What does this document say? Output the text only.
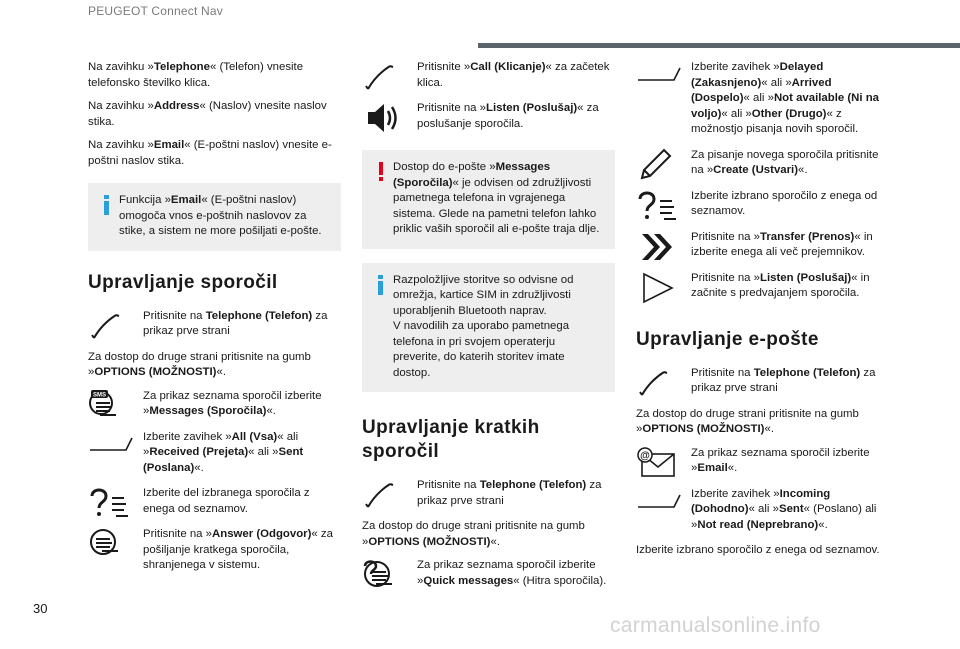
PEUGEOT Connect Nav

Na zavihku »Telephone« (Telefon) vnesite telefonsko številko klica.

Na zavihku »Address« (Naslov) vnesite naslov stika.

Na zavihku »Email« (E-poštni naslov) vnesite e-poštni naslov stika.

Funkcija »Email« (E-poštni naslov) omogoča vnos e-poštnih naslovov za stike, a sistem ne more pošiljati e-pošte.
Upravljanje sporočil
Pritisnite na Telephone (Telefon) za prikaz prve strani

Za dostop do druge strani pritisnite na gumb »OPTIONS (MOŽNOSTI)«.

SMS	Za prikaz seznama sporočil izberite »Messages (Sporočila)«.
Izberite zavihek »All (Vsa)« ali »Received (Prejeta)« ali »Sent (Poslana)«.
Izberite del izbranega sporočila z enega od seznamov.
Pritisnite na »Answer (Odgovor)« za pošiljanje kratkega sporočila, shranjenega v sistemu.
Pritisnite »Call (Klicanje)« za začetek klica.
Pritisnite na »Listen (Poslušaj)« za poslušanje sporočila.
Dostop do e-pošte »Messages (Sporočila)« je odvisen od združljivosti pametnega telefona in vgrajenega sistema. Glede na pametni telefon lahko priklic vaših sporočil ali e-pošte traja dlje.
Razpoložljive storitve so odvisne od omrežja, kartice SIM in združljivosti uporabljenih Bluetooth naprav.
V navodilih za uporabo pametnega telefona in pri svojem operaterju preverite, do katerih storitev imate dostop.
Upravljanje kratkih sporočil
Pritisnite na Telephone (Telefon) za prikaz prve strani

Za dostop do druge strani pritisnite na gumb »OPTIONS (MOŽNOSTI)«.

Za prikaz seznama sporočil izberite »Quick messages« (Hitra sporočila).
Izberite zavihek »Delayed (Zakasnjeno)« ali »Arrived (Dospelo)« ali »Not available (Ni na voljo)« ali »Other (Drugo)« z možnostjo pisanja novih sporočil.
Za pisanje novega sporočila pritisnite na »Create (Ustvari)«.
Izberite izbrano sporočilo z enega od seznamov.
Pritisnite na »Transfer (Prenos)« in izberite enega ali več prejemnikov.
Pritisnite na »Listen (Poslušaj)« in začnite s predvajanjem sporočila.
Upravljanje e-pošte
Pritisnite na Telephone (Telefon) za prikaz prve strani

Za dostop do druge strani pritisnite na gumb »OPTIONS (MOŽNOSTI)«.

@	Za prikaz seznama sporočil izberite »Email«.
Izberite zavihek »Incoming (Dohodno)« ali »Sent« (Poslano) ali »Not read (Neprebrano)«.

Izberite izbrano sporočilo z enega od seznamov.

30
carmanualsonline.info
